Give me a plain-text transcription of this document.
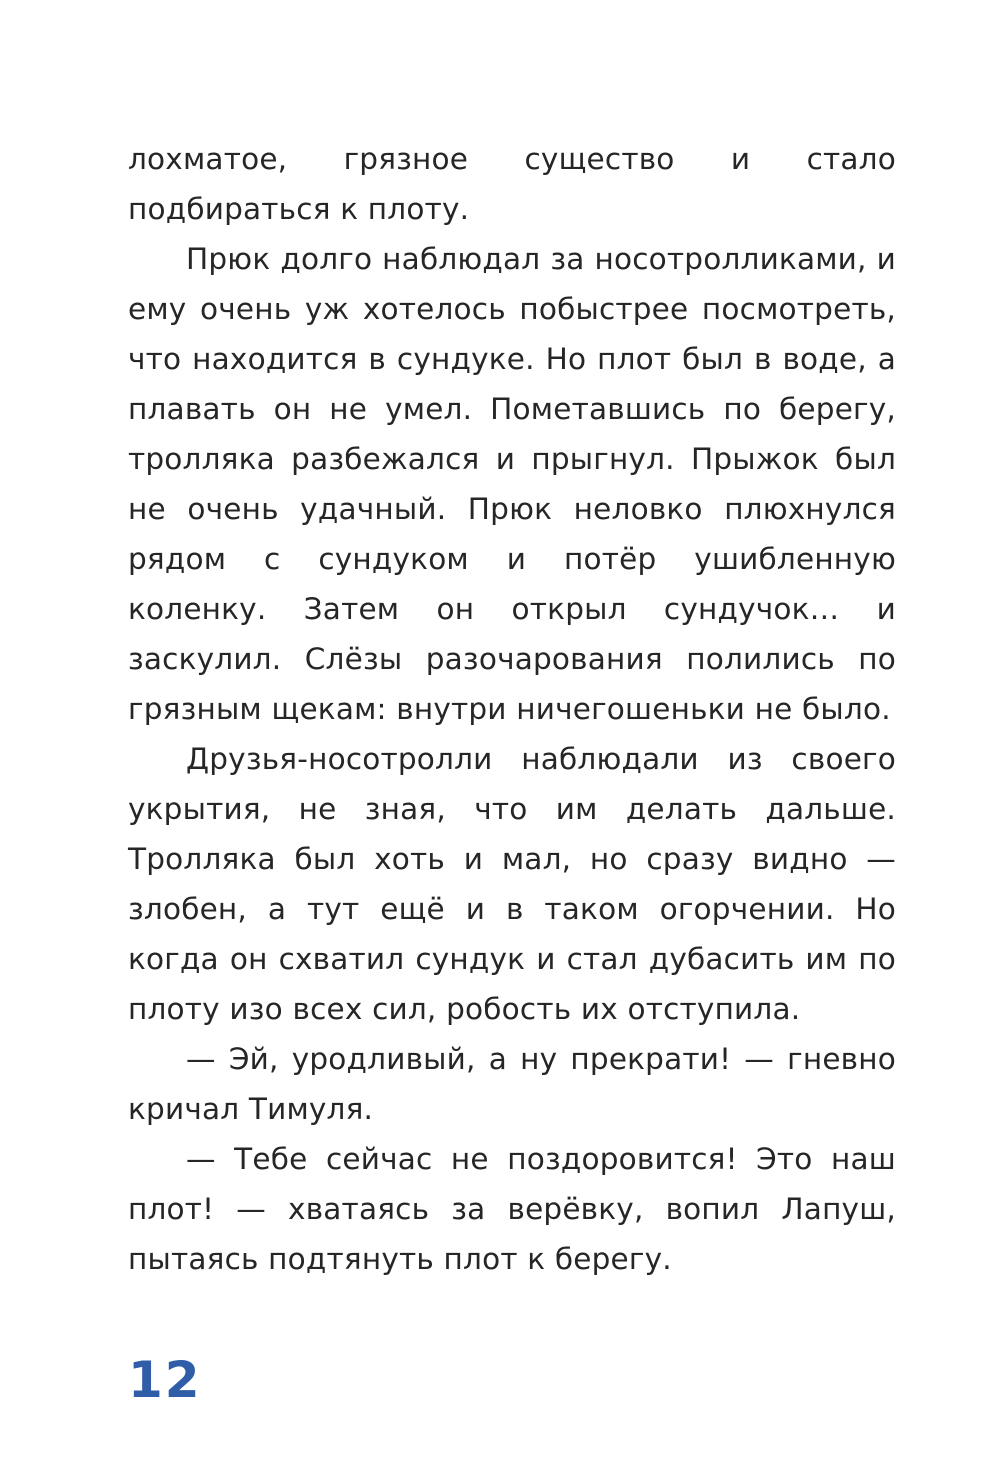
лохматое, грязное существо и стало подбираться к плоту.

Прюк долго наблюдал за носотролликами, и ему очень уж хотелось побыстрее посмотреть, что находится в сундуке. Но плот был в воде, а плавать он не умел. Пометавшись по берегу, тролляка разбежался и прыгнул. Прыжок был не очень удачный. Прюк неловко плюхнулся рядом с сундуком и потёр ушибленную коленку. Затем он открыл сундучок… и заскулил. Слёзы разочарования полились по грязным щекам: внутри ничегошеньки не было.

Друзья-носотролли наблюдали из своего укрытия, не зная, что им делать дальше. Тролляка был хоть и мал, но сразу видно — злобен, а тут ещё и в таком огорчении. Но когда он схватил сундук и стал дубасить им по плоту изо всех сил, робость их отступила.

— Эй, уродливый, а ну прекрати! — гневно кричал Тимуля.

— Тебе сейчас не поздоровится! Это наш плот! — хватаясь за верёвку, вопил Лапуш, пытаясь подтянуть плот к берегу.

12
